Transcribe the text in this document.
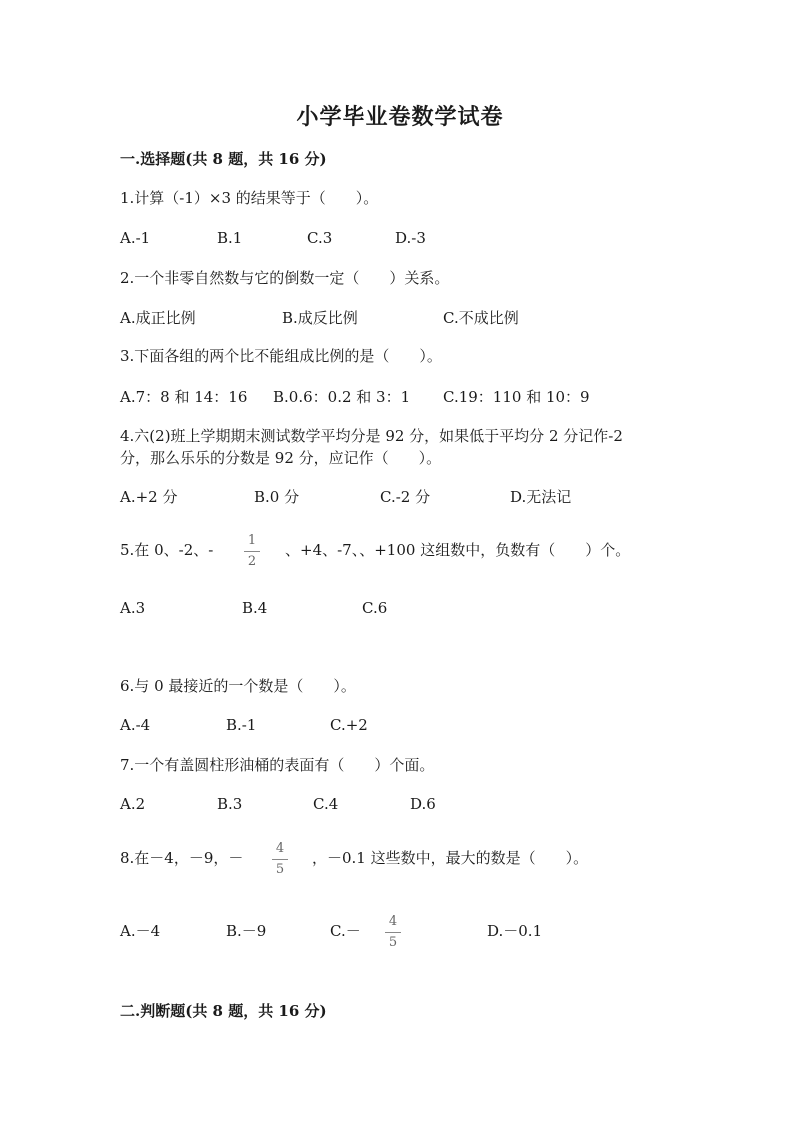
小学毕业卷数学试卷
一.选择题(共 8 题，共 16 分)
1.计算（-1）×3 的结果等于（　　）。
A.-1	B.1	C.3	D.-3
2.一个非零自然数与它的倒数一定（　　）关系。
A.成正比例	B.成反比例	C.不成比例
3.下面各组的两个比不能组成比例的是（　　）。
A.7：8 和 14：16 B.0.6：0.2 和 3：1 C.19：110 和 10：9
4.六(2)班上学期期末测试数学平均分是 92 分，如果低于平均分 2 分记作-2
分，那么乐乐的分数是 92 分，应记作（　　）。
A.+2 分	B.0 分	C.-2 分	D.无法记
5.在 0、-2、-
1
2
、+4、-7、、+100 这组数中，负数有（　　）个。
A.3	B.4	C.6
6.与 0 最接近的一个数是（　　）。
A.-4	B.-1	C.+2
7.一个有盖圆柱形油桶的表面有（　　）个面。
A.2	B.3	C.4	D.6
8.在－4，－9，－
4
5
，－0.1 这些数中，最大的数是（　　）。
A.－4	B.－9	C.－
4
5
D.－0.1
二.判断题(共 8 题，共 16 分)
